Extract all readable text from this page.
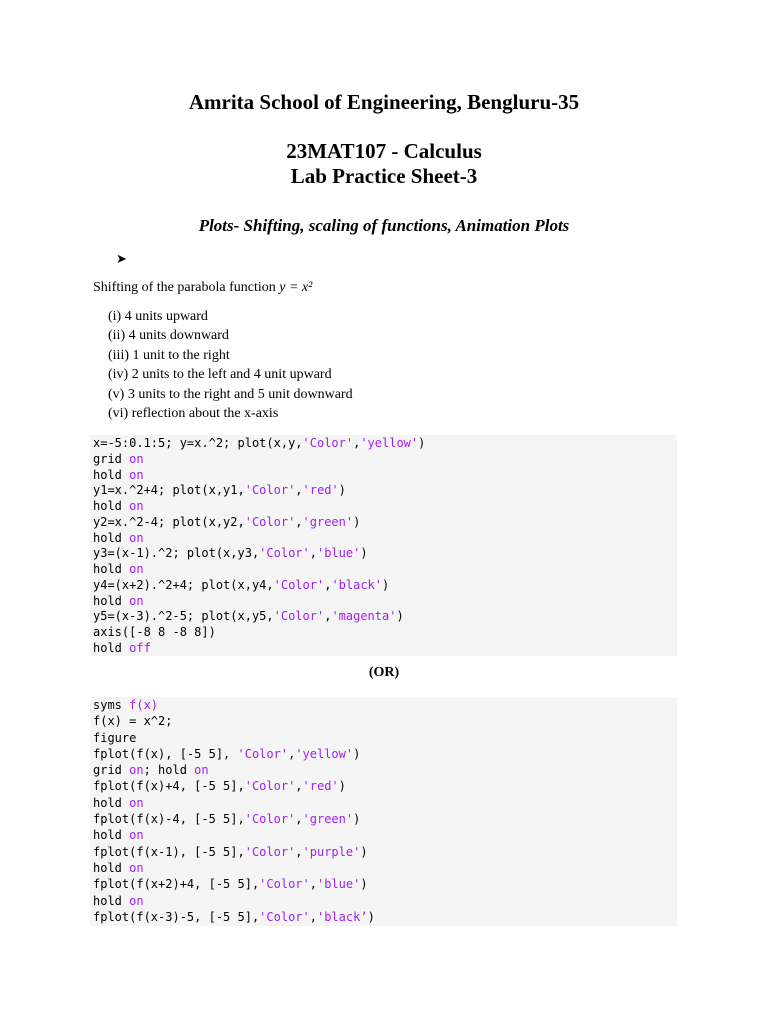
Amrita School of Engineering, Bengluru-35
23MAT107 - Calculus
Lab Practice Sheet-3
Plots- Shifting, scaling of functions, Animation Plots
➤
Shifting of the parabola function y = x²
(i) 4 units upward
(ii) 4 units downward
(iii) 1 unit to the right
(iv) 2 units to the left and 4 unit upward
(v) 3 units to the right and 5 unit downward
(vi) reflection about the x-axis
x=-5:0.1:5; y=x.^2; plot(x,y,'Color','yellow')
grid on
hold on
y1=x.^2+4; plot(x,y1,'Color','red')
hold on
y2=x.^2-4; plot(x,y2,'Color','green')
hold on
y3=(x-1).^2; plot(x,y3,'Color','blue')
hold on
y4=(x+2).^2+4; plot(x,y4,'Color','black')
hold on
y5=(x-3).^2-5; plot(x,y5,'Color','magenta')
axis([-8 8 -8 8])
hold off
(OR)
syms f(x)
f(x) = x^2;
figure
fplot(f(x), [-5 5], 'Color','yellow')
grid on; hold on
fplot(f(x)+4, [-5 5],'Color','red')
hold on
fplot(f(x)-4, [-5 5],'Color','green')
hold on
fplot(f(x-1), [-5 5],'Color','purple')
hold on
fplot(f(x+2)+4, [-5 5],'Color','blue')
hold on
fplot(f(x-3)-5, [-5 5],'Color','black’)
